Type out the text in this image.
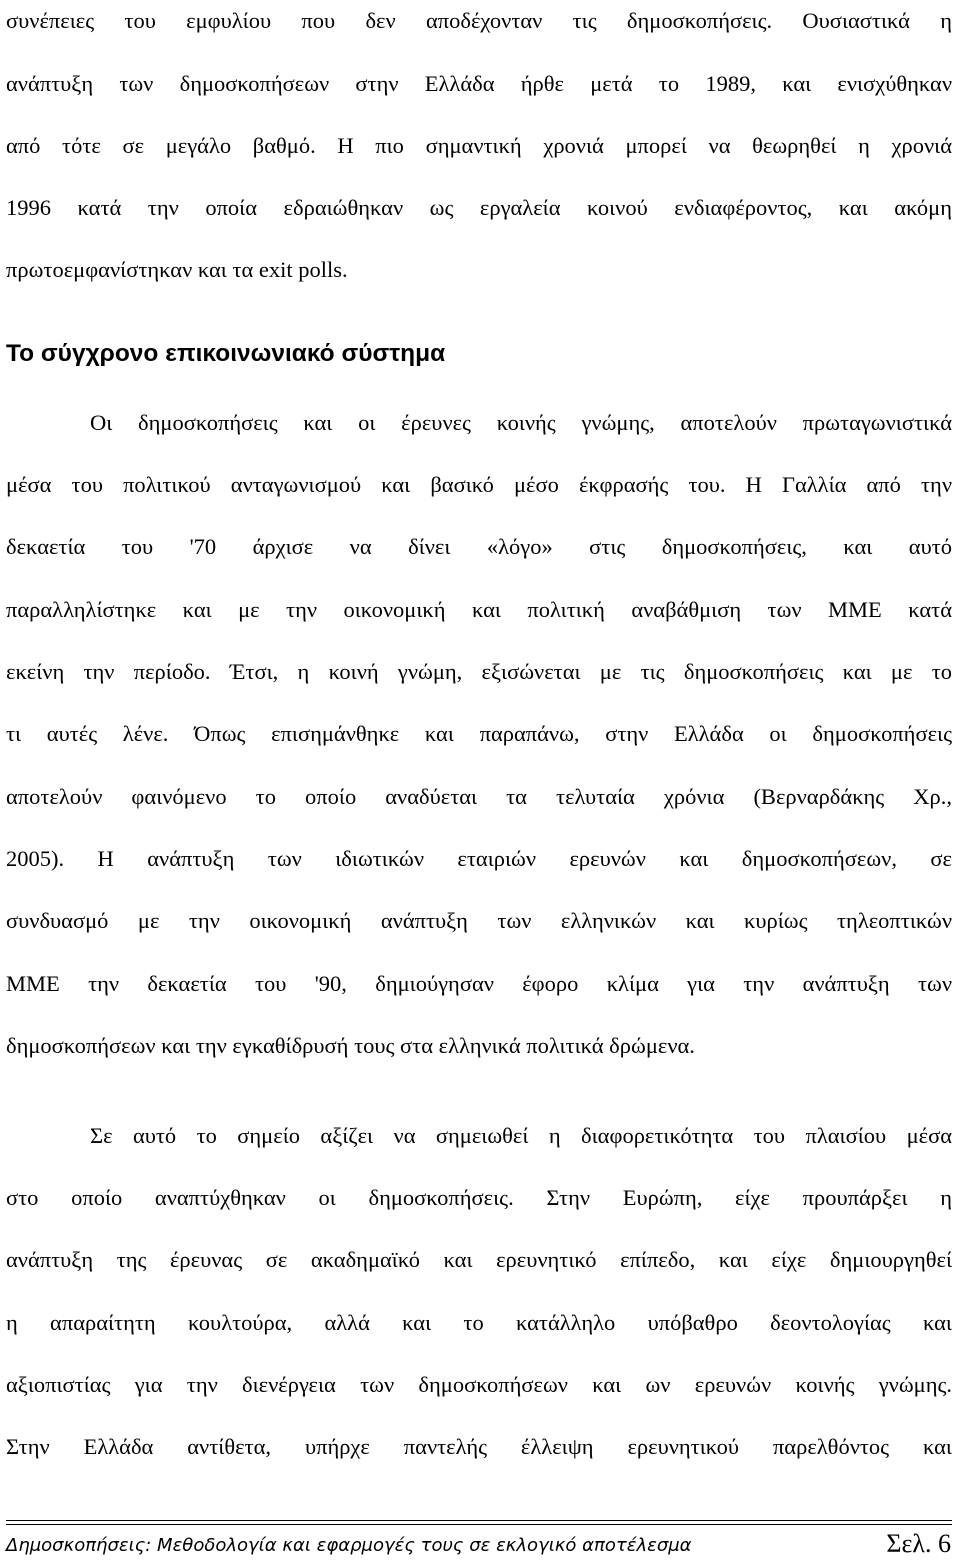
συνέπειες του εμφυλίου που δεν αποδέχονταν τις δημοσκοπήσεις. Ουσιαστικά η
ανάπτυξη των δημοσκοπήσεων στην Ελλάδα ήρθε μετά το 1989, και ενισχύθηκαν
από τότε σε μεγάλο βαθμό. Η πιο σημαντική χρονιά μπορεί να θεωρηθεί η χρονιά
1996 κατά την οποία εδραιώθηκαν ως εργαλεία κοινού ενδιαφέροντος, και ακόμη
πρωτοεμφανίστηκαν και τα exit polls.
Το σύγχρονο επικοινωνιακό σύστημα
Οι δημοσκοπήσεις και οι έρευνες κοινής γνώμης, αποτελούν πρωταγωνιστικά
μέσα του πολιτικού ανταγωνισμού και βασικό μέσο έκφρασής του. Η Γαλλία από την
δεκαετία του '70 άρχισε να δίνει «λόγο» στις δημοσκοπήσεις, και αυτό
παραλληλίστηκε και με την οικονομική και πολιτική αναβάθμιση των ΜΜΕ κατά
εκείνη την περίοδο. Έτσι, η κοινή γνώμη, εξισώνεται με τις δημοσκοπήσεις και με το
τι αυτές λένε. Όπως επισημάνθηκε και παραπάνω, στην Ελλάδα οι δημοσκοπήσεις
αποτελούν φαινόμενο το οποίο αναδύεται τα τελυταία χρόνια (Βερναρδάκης Χρ.,
2005). Η ανάπτυξη των ιδιωτικών εταιριών ερευνών και δημοσκοπήσεων, σε
συνδυασμό με την οικονομική ανάπτυξη των ελληνικών και κυρίως τηλεοπτικών
ΜΜΕ την δεκαετία του '90, δημιούγησαν έφορο κλίμα για την ανάπτυξη των
δημοσκοπήσεων και την εγκαθίδρυσή τους στα ελληνικά πολιτικά δρώμενα.
Σε αυτό το σημείο αξίζει να σημειωθεί η διαφορετικότητα του πλαισίου μέσα
στο οποίο αναπτύχθηκαν οι δημοσκοπήσεις. Στην Ευρώπη, είχε προυπάρξει η
ανάπτυξη της έρευνας σε ακαδημαϊκό και ερευνητικό επίπεδο, και είχε δημιουργηθεί
η απαραίτητη κουλτούρα, αλλά και το κατάλληλο υπόβαθρο δεοντολογίας και
αξιοπιστίας για την διενέργεια των δημοσκοπήσεων και ων ερευνών κοινής γνώμης.
Στην Ελλάδα αντίθετα, υπήρχε παντελής έλλειψη ερευνητικού παρελθόντος και
Δημοσκοπήσεις: Μεθοδολογία και εφαρμογές τους σε εκλογικό αποτέλεσμα	Σελ. 6
